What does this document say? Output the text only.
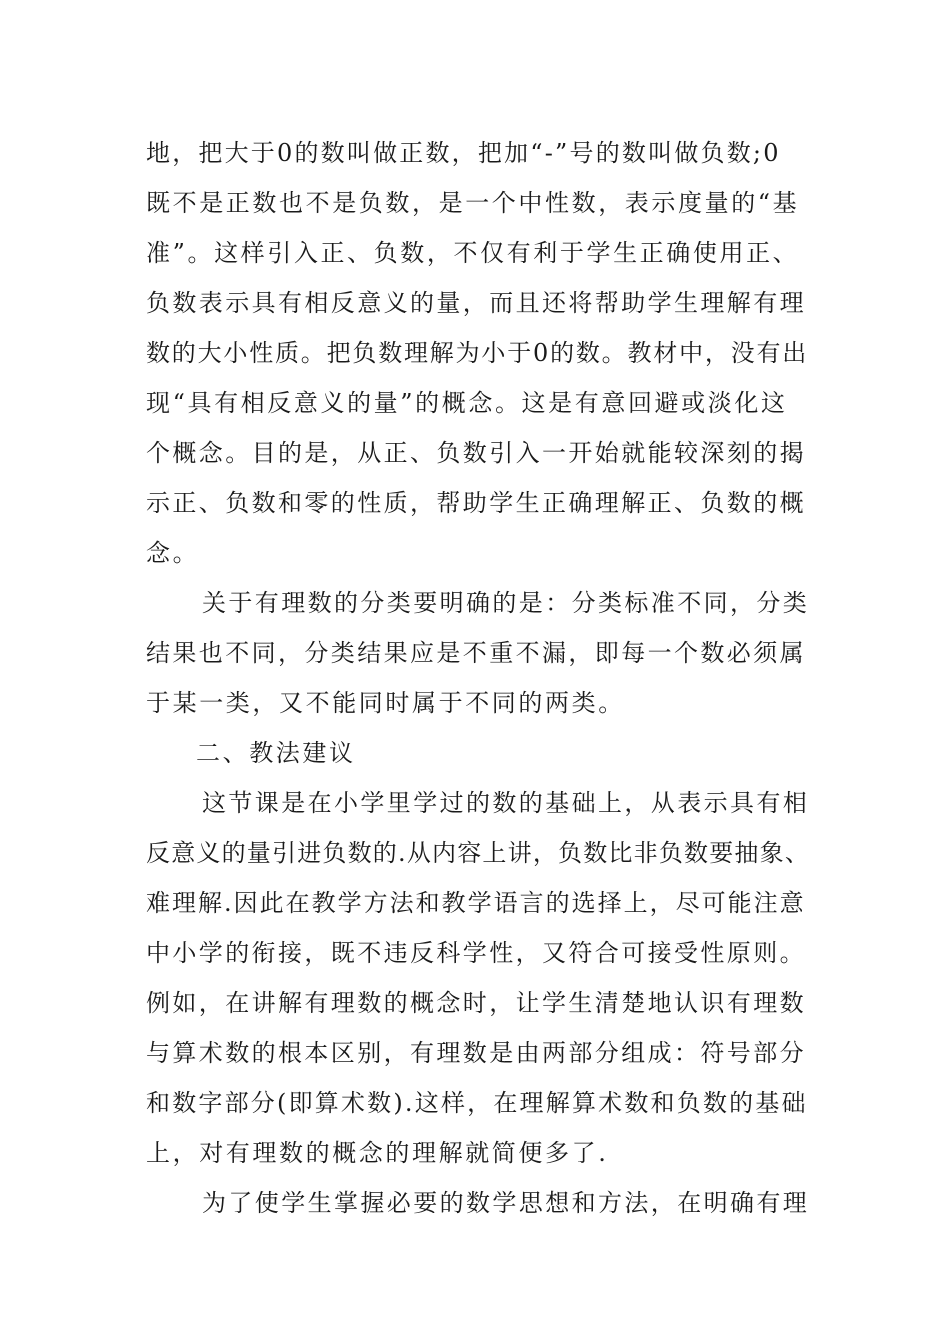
地，把大于0的数叫做正数，把加“-”号的数叫做负数;0
既不是正数也不是负数，是一个中性数，表示度量的“基
准”。这样引入正、负数，不仅有利于学生正确使用正、
负数表示具有相反意义的量，而且还将帮助学生理解有理
数的大小性质。把负数理解为小于0的数。教材中，没有出
现“具有相反意义的量”的概念。这是有意回避或淡化这
个概念。目的是，从正、负数引入一开始就能较深刻的揭
示正、负数和零的性质，帮助学生正确理解正、负数的概
念。
关于有理数的分类要明确的是：分类标准不同，分类
结果也不同，分类结果应是不重不漏，即每一个数必须属
于某一类，又不能同时属于不同的两类。
二、教法建议
这节课是在小学里学过的数的基础上，从表示具有相
反意义的量引进负数的.从内容上讲，负数比非负数要抽象、
难理解.因此在教学方法和教学语言的选择上，尽可能注意
中小学的衔接，既不违反科学性，又符合可接受性原则。
例如，在讲解有理数的概念时，让学生清楚地认识有理数
与算术数的根本区别，有理数是由两部分组成：符号部分
和数字部分(即算术数).这样，在理解算术数和负数的基础
上，对有理数的概念的理解就简便多了.
为了使学生掌握必要的数学思想和方法，在明确有理
